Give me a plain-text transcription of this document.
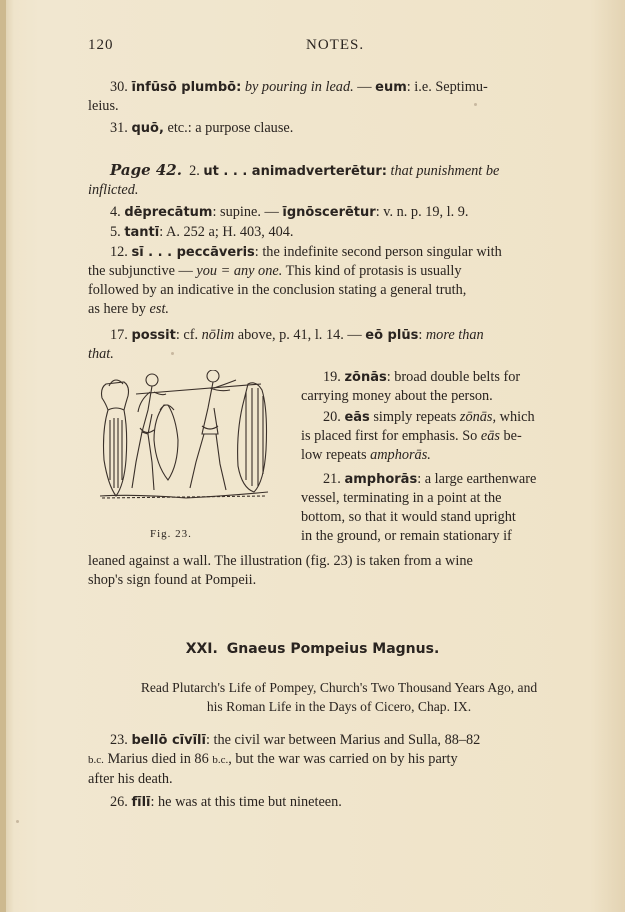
120	NOTES.
30. īnfūsō plumbō: by pouring in lead. — eum: i.e. Septimu-
leius.
31. quō, etc.: a purpose clause.
Page 42. 2. ut . . . animadverterētur: that punishment be
inflicted.
4. dēprecātum: supine. — īgnōscerētur: v. n. p. 19, l. 9.
5. tantī: A. 252 a; H. 403, 404.
12. sī . . . peccāveris: the indefinite second person singular with
the subjunctive — you = any one. This kind of protasis is usually
followed by an indicative in the conclusion stating a general truth,
as here by est.
17. possit: cf. nōlim above, p. 41, l. 14. — eō plūs: more than
that.
Fig. 23.
19. zōnās: broad double belts for
carrying money about the person.
20. eās simply repeats zōnās, which
is placed first for emphasis. So eās be-
low repeats amphorās.
21. amphorās: a large earthenware
vessel, terminating in a point at the
bottom, so that it would stand upright
in the ground, or remain stationary if
leaned against a wall. The illustration (fig. 23) is taken from a wine
shop's sign found at Pompeii.
XXI. Gnaeus Pompeius Magnus.
Read Plutarch's Life of Pompey, Church's Two Thousand Years Ago, and
his Roman Life in the Days of Cicero, Chap. IX.
23. bellō cīvīlī: the civil war between Marius and Sulla, 88–82
b.c. Marius died in 86 b.c., but the war was carried on by his party
after his death.
26. fīlī: he was at this time but nineteen.
